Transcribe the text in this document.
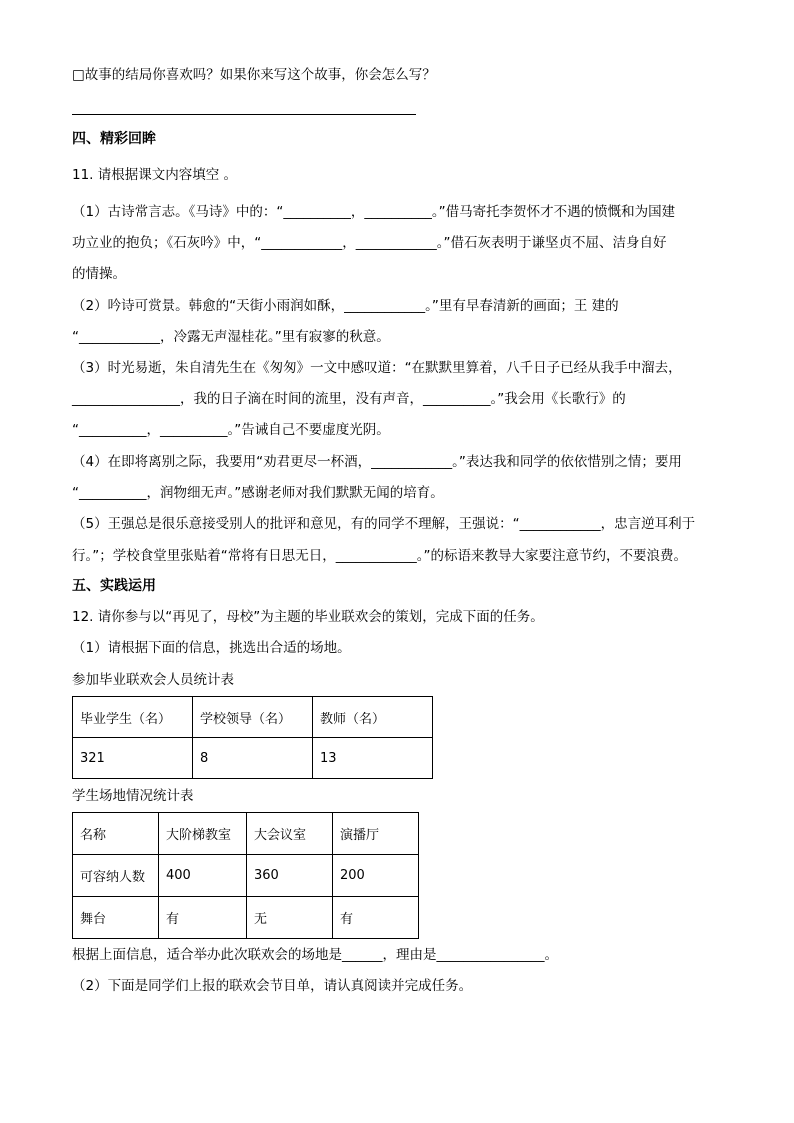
□故事的结局你喜欢吗？如果你来写这个故事，你会怎么写？
四、精彩回眸
11. 请根据课文内容填空 。
（1）古诗常言志。《马诗》中的：“__________，__________。”借马寄托李贺怀才不遇的愤慨和为国建
功立业的抱负；《石灰吟》中，“____________，____________。”借石灰表明于谦坚贞不屈、洁身自好
的情操。
（2）吟诗可赏景。韩愈的“天街小雨润如酥，____________。”里有早春清新的画面；王 建的
“____________，冷露无声湿桂花。”里有寂寥的秋意。
（3）时光易逝，朱自清先生在《匆匆》一文中感叹道：“在默默里算着，八千日子已经从我手中溜去，
________________，我的日子滴在时间的流里，没有声音，__________。”我会用《长歌行》的
“__________，__________。”告诫自己不要虚度光阴。
（4）在即将离别之际，我要用“劝君更尽一杯酒，____________。”表达我和同学的依依惜别之情；要用
“__________，润物细无声。”感谢老师对我们默默无闻的培育。
（5）王强总是很乐意接受别人的批评和意见，有的同学不理解，王强说：“____________，忠言逆耳利于
行。”；学校食堂里张贴着“常将有日思无日，____________。”的标语来教导大家要注意节约，不要浪费。
五、实践运用
12. 请你参与以“再见了，母校”为主题的毕业联欢会的策划，完成下面的任务。
（1）请根据下面的信息，挑选出合适的场地。
参加毕业联欢会人员统计表
毕业学生（名）	学校领导（名）	教师（名）
321	8	13
学生场地情况统计表
名称	大阶梯教室	大会议室	演播厅
可容纳人数	400	360	200
舞台	有	无	有
根据上面信息，适合举办此次联欢会的场地是______，理由是________________。
（2）下面是同学们上报的联欢会节目单，请认真阅读并完成任务。
